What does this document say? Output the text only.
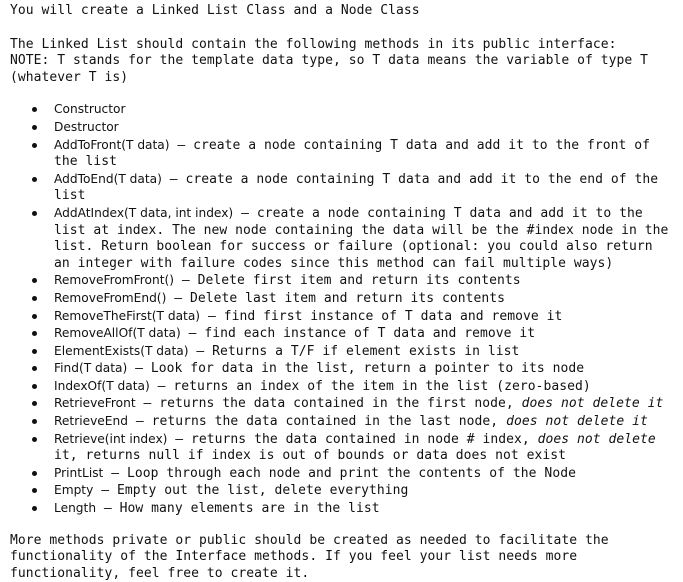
You will create a Linked List Class and a Node Class
The Linked List should contain the following methods in its public interface:
NOTE: T stands for the template data type, so T data means the variable of type T
(whatever T is)
Constructor
Destructor
AddToFront(T data) – create a node containing T data and add it to the front of the list
AddToEnd(T data) – create a node containing T data and add it to the end of the list
AddAtIndex(T data, int index) – create a node containing T data and add it to the list at index. The new node containing the data will be the #index node in the list. Return boolean for success or failure (optional: you could also return an integer with failure codes since this method can fail multiple ways)
RemoveFromFront() – Delete first item and return its contents
RemoveFromEnd() – Delete last item and return its contents
RemoveTheFirst(T data) – find first instance of T data and remove it
RemoveAllOf(T data) – find each instance of T data and remove it
ElementExists(T data) – Returns a T/F if element exists in list
Find(T data) – Look for data in the list, return a pointer to its node
IndexOf(T data) – returns an index of the item in the list (zero-based)
RetrieveFront – returns the data contained in the first node, does not delete it
RetrieveEnd – returns the data contained in the last node, does not delete it
Retrieve(int index) – returns the data contained in node # index, does not delete it, returns null if index is out of bounds or data does not exist
PrintList – Loop through each node and print the contents of the Node
Empty – Empty out the list, delete everything
Length – How many elements are in the list
More methods private or public should be created as needed to facilitate the
functionality of the Interface methods. If you feel your list needs more
functionality, feel free to create it.
